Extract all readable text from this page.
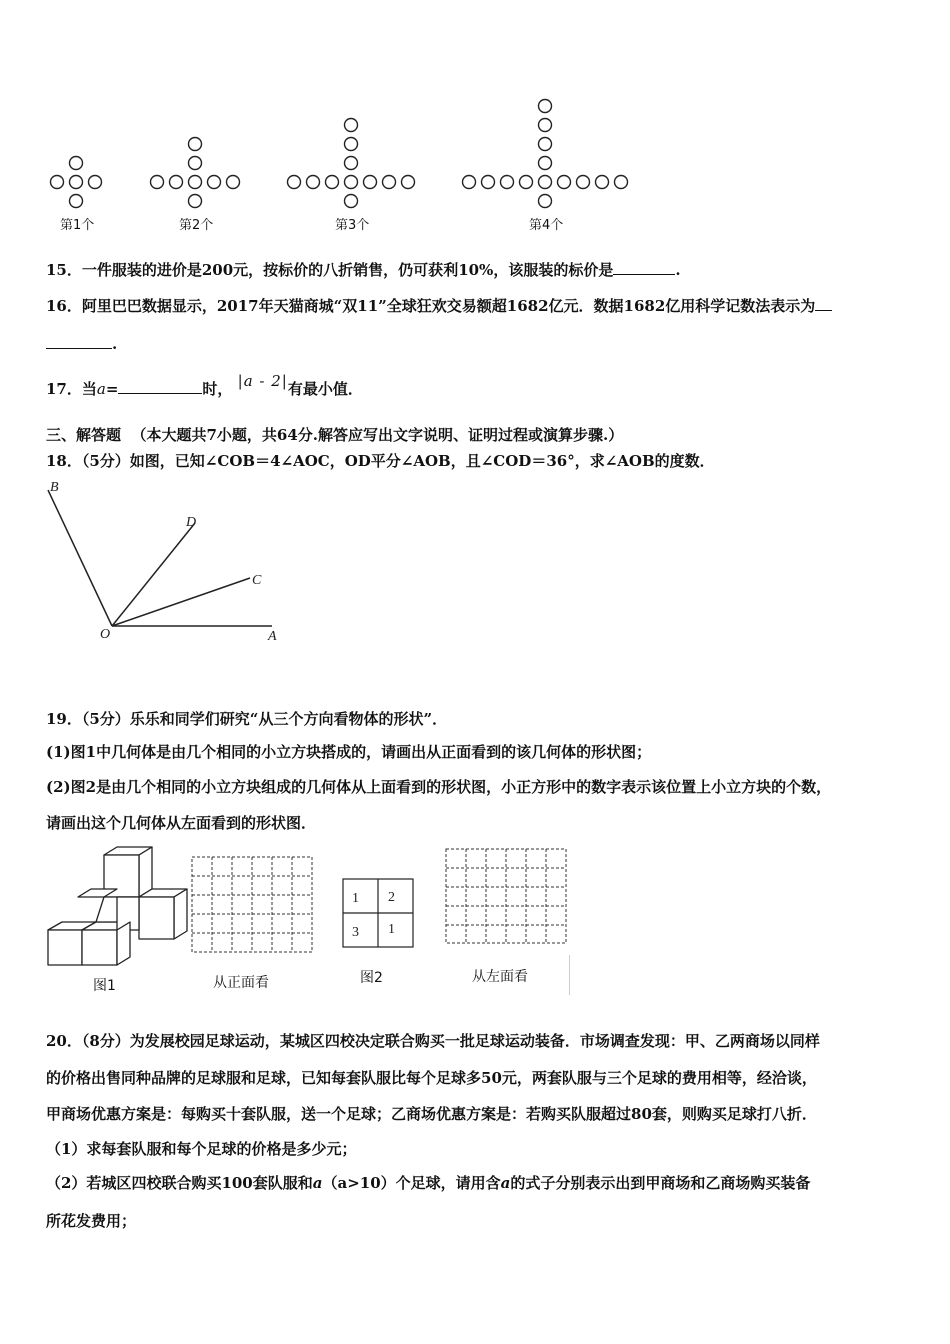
第1个	第2个	第3个	第4个
15．一件服装的进价是200元，按标价的八折销售，仍可获利10%，该服装的标价是	.
16．阿里巴巴数据显示，2017年天猫商城“双11”全球狂欢交易额超1682亿元．数据1682亿用科学记数法表示为
.
17．当a=	时， |a - 2|有最小值．
三、解答题 （本大题共7小题，共64分.解答应写出文字说明、证明过程或演算步骤.）
18．（5分）如图，已知∠COB＝4∠AOC，OD平分∠AOB，且∠COD＝36°，求∠AOB的度数．
B
D
C
O	A
19．（5分）乐乐和同学们研究“从三个方向看物体的形状”．
(1)图1中几何体是由几个相同的小立方块搭成的，请画出从正面看到的该几何体的形状图；
(2)图2是由几个相同的小立方块组成的几何体从上面看到的形状图，小正方形中的数字表示该位置上小立方块的个数，
请画出这个几何体从左面看到的形状图．
图1	从正面看
1 2
3 1
图2	从左面看
20．（8分）为发展校园足球运动，某城区四校决定联合购买一批足球运动装备．市场调查发现：甲、乙两商场以同样
的价格出售同种品牌的足球服和足球，已知每套队服比每个足球多50元，两套队服与三个足球的费用相等，经洽谈，
甲商场优惠方案是：每购买十套队服，送一个足球；乙商场优惠方案是：若购买队服超过80套，则购买足球打八折．
（1）求每套队服和每个足球的价格是多少元；
（2）若城区四校联合购买100套队服和a（a>10）个足球，请用含a的式子分别表示出到甲商场和乙商场购买装备
所花发费用；
